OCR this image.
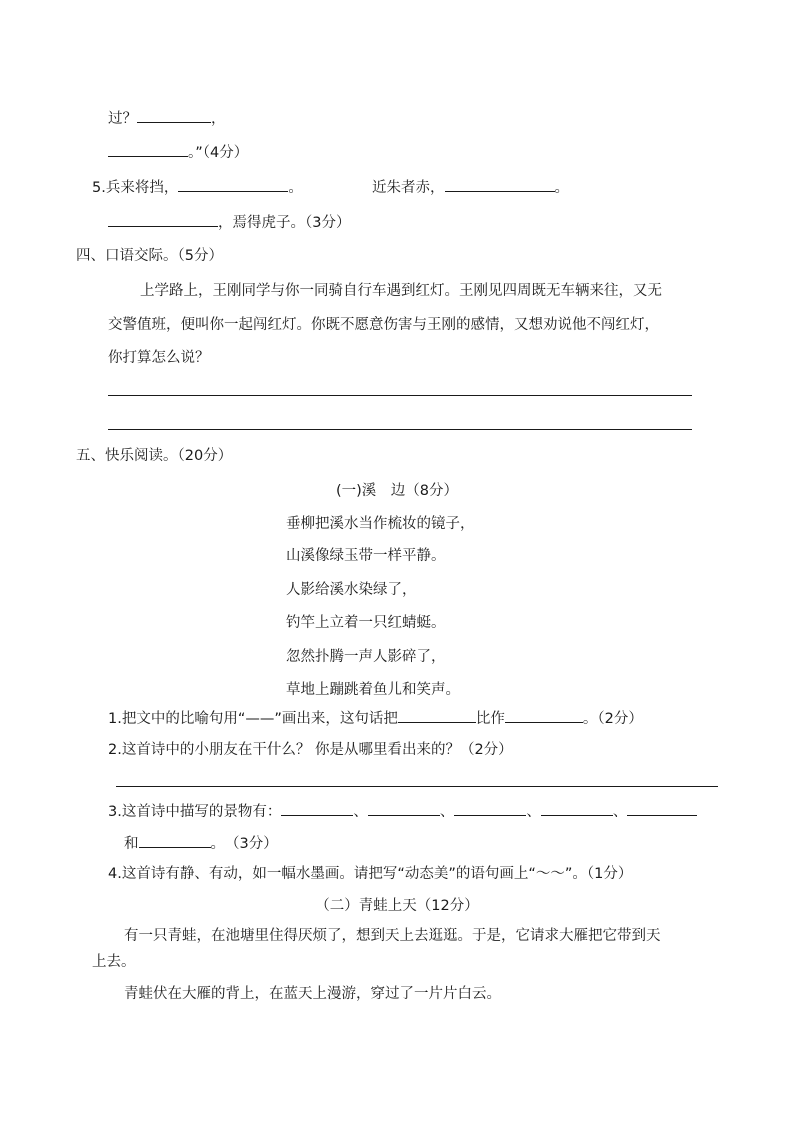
过？	，
。”（4分）
5.兵来将挡，	。	近朱者赤，	。
，焉得虎子。（3分）
四、口语交际。（5分）
上学路上，王刚同学与你一同骑自行车遇到红灯。王刚见四周既无车辆来往，又无
交警值班，便叫你一起闯红灯。你既不愿意伤害与王刚的感情，又想劝说他不闯红灯，
你打算怎么说？
五、快乐阅读。（20分）
(一)溪　边（8分）
垂柳把溪水当作梳妆的镜子，
山溪像绿玉带一样平静。
人影给溪水染绿了，
钓竿上立着一只红蜻蜓。
忽然扑腾一声人影碎了，
草地上蹦跳着鱼儿和笑声。
1.把文中的比喻句用“——”画出来，这句话把	比作	。（2分）
2.这首诗中的小朋友在干什么？ 你是从哪里看出来的？（2分）
3.这首诗中描写的景物有：	、	、	、	、
和	。　（3分）
4.这首诗有静、有动，如一幅水墨画。请把写“动态美”的语句画上“～～”。（1分）
（二）青蛙上天（12分）
有一只青蛙，在池塘里住得厌烦了，想到天上去逛逛。于是，它请求大雁把它带到天
上去。
青蛙伏在大雁的背上，在蓝天上漫游，穿过了一片片白云。
